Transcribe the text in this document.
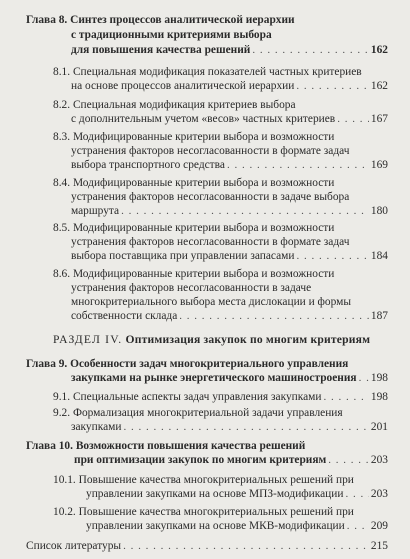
Глава 8. Синтез процессов аналитической иерархии
с традиционными критериями выбора
для повышения качества решений . . .	162
8.1. Специальная модификация показателей частных критериев
на основе процессов аналитической иерархии . . .	162
8.2. Специальная модификация критериев выбора
с дополнительным учетом «весов» частных критериев . . .	167
8.3. Модифицированные критерии выбора и возможности
устранения факторов несогласованности в формате задач
выбора транспортного средства . . .	169
8.4. Модифицированные критерии выбора и возможности
устранения факторов несогласованности в задаче выбора
маршрута . . .	180
8.5. Модифицированные критерии выбора и возможности
устранения факторов несогласованности в формате задач
выбора поставщика при управлении запасами . . .	184
8.6. Модифицированные критерии выбора и возможности
устранения факторов несогласованности в задаче
многокритериального выбора места дислокации и формы
собственности склада . . .	187
РАЗДЕЛ IV. Оптимизация закупок по многим критериям
Глава 9. Особенности задач многокритериального управления
закупками на рынке энергетического машиностроения . . . 198
9.1. Специальные аспекты задач управления закупками . . .	198
9.2. Формализация многокритериальной задачи управления
закупками . . .	201
Глава 10. Возможности повышения качества решений
при оптимизации закупок по многим критериям . . .	203
10.1. Повышение качества многокритериальных решений при
управлении закупками на основе МПЗ-модификации . . . 203
10.2. Повышение качества многокритериальных решений при
управлении закупками на основе МКВ-модификации . . . 209
Список литературы . . .	215
